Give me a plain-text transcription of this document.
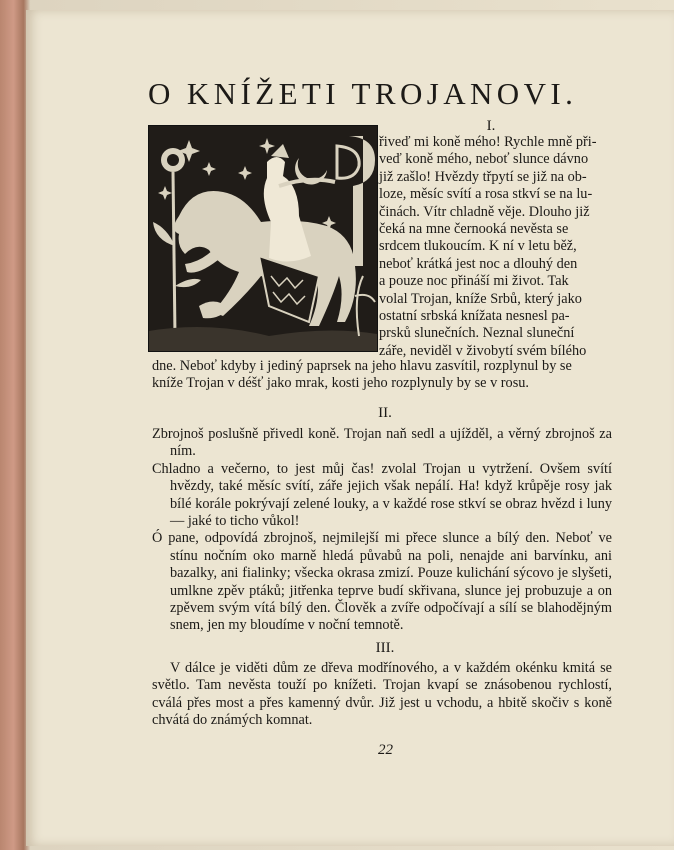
O KNÍŽETI TROJANOVI.
I.
řiveď mi koně mého! Rychle mně při-
veď koně mého, neboť slunce dávno
již zašlo! Hvězdy třpytí se již na ob-
loze, měsíc svítí a rosa stkví se na lu-
činách. Vítr chladně věje. Dlouho již
čeká na mne černooká nevěsta se
srdcem tlukoucím. K ní v letu běž,
neboť krátká jest noc a dlouhý den
a pouze noc přináší mi život. Tak
volal Trojan, kníže Srbů, který jako
ostatní srbská knížata nesnesl pa-
prsků slunečních. Neznal sluneční
záře, neviděl v živobytí svém bílého
dne. Neboť kdyby i jediný paprsek na jeho hlavu zasvítil, rozplynul by se
kníže Trojan v déšť jako mrak, kosti jeho rozplynuly by se v rosu.
II.

Zbrojnoš poslušně přivedl koně. Trojan naň sedl a ujížděl, a věrný zbrojnoš za ním.

Chladno a večerno, to jest můj čas! zvolal Trojan u vytržení. Ovšem svítí hvězdy, také měsíc svítí, záře jejich však nepálí. Ha! když krůpěje rosy jak bílé korále pokrývají zelené louky, a v každé rose stkví se obraz hvězd i luny — jaké to ticho vůkol!

Ó pane, odpovídá zbrojnoš, nejmilejší mi přece slunce a bílý den. Neboť ve stínu nočním oko marně hledá půvabů na poli, nenajde ani barvínku, ani bazalky, ani fialinky; všecka okrasa zmizí. Pouze kulichání sýcovo je slyšeti, umlkne zpěv ptáků; jitřenka teprve budí skřivana, slunce jej probuzuje a on zpěvem svým vítá bílý den. Člověk a zvíře odpočívají a sílí se blahodějným snem, jen my bloudíme v noční temnotě.

III.

V dálce je viděti dům ze dřeva modřínového, a v každém okénku kmitá se světlo. Tam nevěsta touží po knížeti. Trojan kvapí se znásobenou rychlostí, cválá přes most a přes kamenný dvůr. Již jest u vchodu, a hbitě skočiv s koně chvátá do známých komnat.

22
